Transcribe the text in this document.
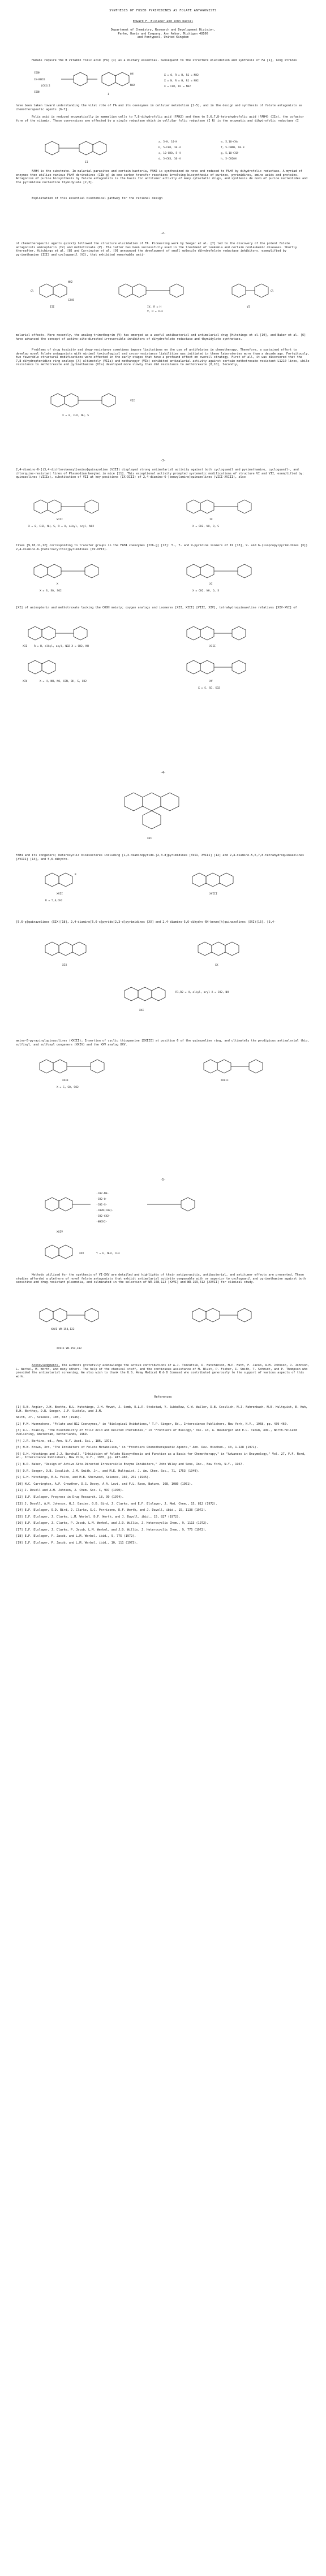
SYNTHESIS OF FUSED PYRIMIDINES AS FOLATE ANTAGONISTS

Edward F. Elslager and John Davoll

Department of Chemistry, Research and Development Division,

Parke, Davis and Company, Ann Arbor, Michigan 48106

and Pontypool, United Kingdom

Humans require the B vitamin folic acid (FA) (I) as a dietary essential. Subsequent to the structure elucidation and synthesis of FA [1], long strides

COOH
CH-NHCO
(CH2)2
COOH
OH
NH2
I
X = 0, R = H, R1 = NH2
X = N, R = H, R1 = NH2
X = CH2, R1 = NH2

have been taken toward understanding the vital role of FA and its coenzymes in cellular metabolism [2-5], and in the design and synthesis of folate antagonists as chemotherapeutic agents [6-7].

Folic acid is reduced enzymatically in mammalian cells to 7,8-dihydrofolic acid (FAH2) and then to 5,6,7,8-tetrahydrofolic acid (FAH4) (IIa), the cofactor form of the vitamin. These conversions are effected by a single reductase which in cellular folic reductase (I R) is the enzymatic and dihydrofolic reductase (I

II
a, 5-H, 10-H
b, 5-CHO, 10-H
c, 10-CHO, 5-H
d, 5-CH3, 10-H
e, 5,10-CH=
f, 5-CHNH, 10-H
g, 5,10-CH2-
h, 5-CH2OH

FAH4 is the substrate. In malarial parasites and certain bacteria, FAH2 is synthesized de novo and reduced to FAH4 by dihydrofolic reductase. A myriad of enzymes then utilize various FAH4 derivatives (IIb-g) in one-carbon transfer reactions involving biosynthesis of purines, pyrimidines, amino acids and proteins. Antagonism of purine biosynthesis by folate antagonists is the basis for antitumor activity of many cytostatic drugs, and synthesis de novo of purine nucleotides and the pyrimidine nucleotide thymidylate [2,3].

Exploitation of this essential biochemical pathway for the rational design

-2-

of chemotherapeutic agents quickly followed the structure elucidation of FA. Pioneering work by Seeger et al. [7] led to the discovery of the potent folate antagonists aminopterin (IV) and methotrexate (V). The latter has been successfully used in the treatment of leukemia and certain nonleukemic diseases. Shortly thereafter, Hitchings et al. [8] and Carrington et al. [9] announced the development of small molecule dihydrofolate reductase inhibitors, exemplified by pyrimethamine (III) and cycloguanil (VI), that exhibited remarkable anti-

Cl
NH2
C2H5
III	IV, R = H
V, R = CH3
Cl
VI

malarial effects. More recently, the analog trimethoprim (V) has emerged as a useful antibacterial and antimalarial drug [Hitchings et al.[10], and Baker et al. [6] have advanced the concept of active-site-directed irreversible inhibitors of dihydrofolate reductase and thymidylate synthetase.

Problems of drug toxicity and drug-resistance sometimes impose limitations on the use of antifolates in chemotherapy. Therefore, a sustained effort to develop novel folate antagonists with minimal toxicological and cross-resistance liabilities was initiated in these laboratories more than a decade ago. Fortuitously, two favorable structural modifications were effected in the early stages that have a profound effect on overall strategy. First of all, it was discovered that the 7,8-dihydropteridine ring analogs [X] ultimately (VIIa) and methanopyr (VIb) exhibited antimalarial activity against certain methotrexate-resistant L1210 lines, while resistance to methotrexate and pyrimethamine (VIa) developed more slowly than did resistance to methotrexate [8,10], Secondly,

VII
X = 0, CH2, NH, S
-3-

2,4-diamino-6-[(3,4-dichlorobenzyl)amino]quinazoline (VIII) displayed strong antimalarial activity against both cycloguanil and pyrimethamine, cycloguanil-, and chlorquine-resistant lines of Plasmodium berghei in mice [11]. This exceptional activity prompted systematic modifications of structure VI and VII, exemplified by: quinazolines (VIIIa), substitution of VII at key positions (IX-XIII) of 2,4-diamino-6-[benzylamino]quinazolines (VIII-XVIII), also

VIII
X = 0, CH2, NH, S, R = H, alkyl, aryl, NO2
IX
X = CH2, NH, O, S

tives [9,10,11,12] corresponding to transfer groups in the FAH4 coenzymes [IIb-g] [12]: 5-, 7- and 9-pyridine isomers of IX [13], 9- and 6-(isopropylpyrimidines [X]) 2,4-diamino-6-[heteroarylthio]pyrimidines (XV-XVII).

X
X = S, SO, SO2
XI
X = CH2, NH, O, S

[XI] of aminopterin and methotrexate lacking the COOH moiety; oxygen analogs and isomeres [XII, XIII] [VIII, XIV], tetrahydroquinazoline relatives [XIV-XVI] of

XII	R = H, alkyl, acyl, NO2 X = CH2, NH	XIII
XIV	X = H, NH, NO, CON, OH, S, CH2	XV
X = S, SO, SO2
-4-
XVI

FAH4 and its congeners; heterocyclic bioisosteres including [1,3-diaminopyrido-[2,3-d]pyrimidines [XVII, XVIII] [12] and 2,4-diamino-5,6,7,8-tetrahydroquinazolines [XVIII] [14], and 5,6-dihydro-

R
XVII
R = 5,6,CH2
XVIII

[5,6-g]quinazolines (XIX)[18], 2,4-diamino[5,6-c]pyrido[2,3-d]pyrimidines [XX] and 2,4-diamino-5,6-dihydro-6H-benzo[h]quinazolines (XXI)[15], [3,4-

XIX	XX
XXI
R1,R2 = H, alkyl, aryl X = CH2, NH

amino-6-pyrazinylquinazolines (XXIII); Insertion of cyclic thioquanine [XXIII] at position 6 of the quinazoline ring, and ultimately the prodigious antimalarial thio, sulfinyl, and sulfonyl congeners (XXIV) and the XXV analog XXV.

XXII
X = S, SO, SO2
XXIII
-5-
-CH2-NH-
-CH2-O-
-CH2-S-
-CH2N(CH3)-
-CH2-CH2-
-NHCH2-
XXIV
XXV	Y = H, NH2, CH3

Methods utilized for the synthesis of VI-XXV are detailed and highlights of their antiparasitic, antibacterial, and antitumor effects are presented. These studies afforded a plethora of novel folate antagonists that exhibit antimalarial activity comparable with or superior to cycloguanil and pyrimethamine against both sensitive and drug-resistant plasmodia, and culminated in the selection of WR-158,122 [XXVI] and WR-159,412 [XXVII] for clinical study.

XXVI WR-158,122
XXVII WR-159,412

Acknowledgments. The authors gratefully acknowledge the active contributions of A.J. Tomcufcik, D. Hutchinson, M.P. Hutt, F. Jacob, A.M. Johnson, J. Johnson, L. Werbel, M. Worth, and many others. The help of the chemical staff, and the continuous assistance of M. Blust, P. Fisher, I. Smith, T. Schmidt, and P. Thompson who provided the antimalarial screening. We also wish to thank the U.S. Army Medical R & D Command who contributed generously to the support of various aspects of this work.

References

[1] R.B. Angier, J.H. Boothe, B.L. Hutchings, J.H. Mowat, J. Semb, E.L.R. Stokstad, Y. SubbaRow, C.W. Waller, D.B. Cosulich, M.J. Fahrenbach, M.E. Hultquist, E. Kuh, E.H. Northey, D.R. Seeger, J.P. Sickels, and J.M.

Smith, Jr., Science, 103, 667 (1946).

[2] F.M. Huennekens, "Folate and B12 Coenzymes," in "Biological Oxidations," T.P. Singer, Ed., Interscience Publishers, New York, N.Y., 1968, pp. 439-460.

[3] R.L. Blakley, "The Biochemistry of Folic Acid and Related Pteridines," in "Frontiers of Biology," Vol. 13, A. Neuberger and E.L. Tatum, eds., North-Holland Publishing, Amsterdam, Netherlands, 1969.

[4] J.R. Bertino, ed., Ann. N.Y. Acad. Sci., 186, 1971.

[5] H.W. Brown, 3rd, "The Inhibitors of Folate Metabolism," in "Frontiers Chemotherapeutic Agents," Ann. Rev. Biochem., 40, 1-228 (1971).

[6] G.H. Hitchings and J.J. Burchall, "Inhibition of Folate Biosynthesis and Function as a Basis for Chemotherapy," in "Advances in Enzymology," Vol. 27, F.F. Nord, ed., Interscience Publishers, New York, N.Y., 1965, pp. 417-468.

[7] B.R. Baker, "Design of Active-Site-Directed Irreversible Enzyme Inhibitors," John Wiley and Sons, Inc., New York, N.Y., 1967.

[8] D.R. Seeger, D.B. Cosulich, J.M. Smith, Jr., and M.E. Hultquist, J. Am. Chem. Soc., 71, 1753 (1949).

[9] G.H. Hitchings, E.A. Falco, and M.B. Sherwood, Science, 102, 251 (1945).

[10] H.C. Carrington, A.F. Crowther, D.G. Davey, A.A. Levi, and F.L. Rose, Nature, 168, 1080 (1951).

[11] J. Davoll and A.M. Johnson, J. Chem. Soc. C, 997 (1970).

[12] E.F. Elslager, Progress in Drug Research, 18, 99 (1974).

[13] J. Davoll, A.M. Johnson, H.J. Davies, O.D. Bird, J. Clarke, and E.F. Elslager, J. Med. Chem., 15, 812 (1972).

[14] E.F. Elslager, O.D. Bird, J. Clarke, S.C. Perricone, D.F. Worth, and J. Davoll, ibid., 15, 1138 (1972).

[15] E.F. Elslager, J. Clarke, L.M. Werbel, D.F. Worth, and J. Davoll, ibid., 15, 827 (1972).

[16] E.F. Elslager, J. Clarke, P. Jacob, L.M. Werbel, and J.D. Willis, J. Heterocyclic Chem., 9, 1113 (1972).

[17] E.F. Elslager, J. Clarke, P. Jacob, L.M. Werbel, and J.D. Willis, J. Heterocyclic Chem., 9, 775 (1972).

[18] E.F. Elslager, P. Jacob, and L.M. Werbel, ibid., 9, 775 (1972).

[19] E.F. Elslager, P. Jacob, and L.M. Werbel, ibid., 10, 111 (1973).
